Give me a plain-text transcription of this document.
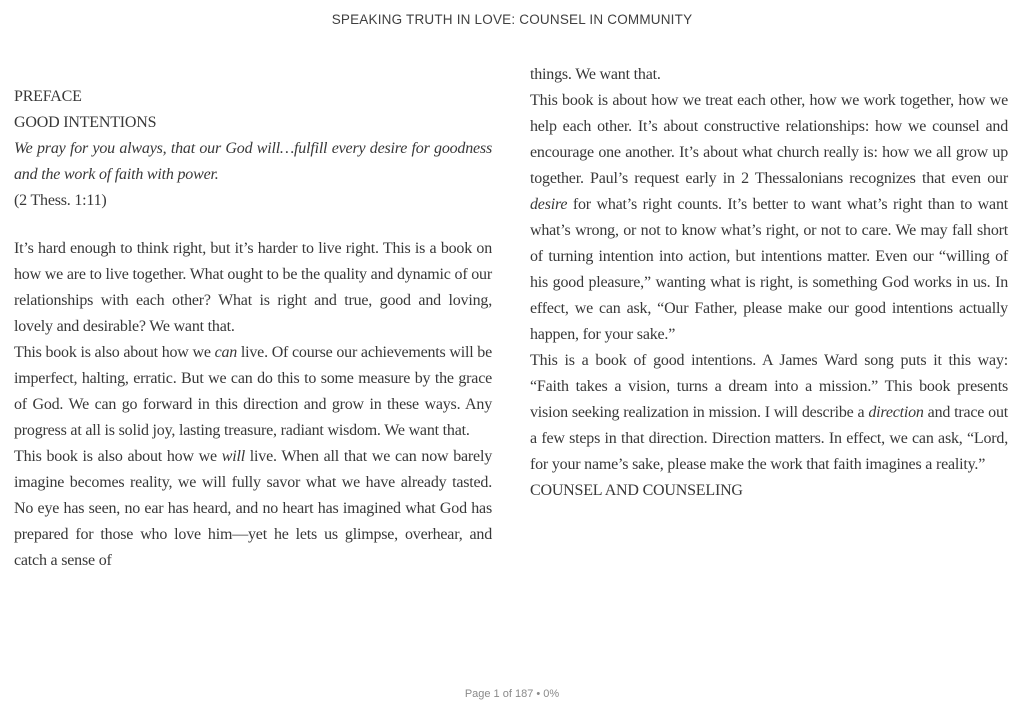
SPEAKING TRUTH IN LOVE: COUNSEL IN COMMUNITY

PREFACE

GOOD INTENTIONS

We pray for you always, that our God will…fulfill every desire for goodness and the work of faith with power.

(2 Thess. 1:11)

It’s hard enough to think right, but it’s harder to live right. This is a book on how we are to live together. What ought to be the quality and dynamic of our relationships with each other? What is right and true, good and loving, lovely and desirable? We want that.

This book is also about how we can live. Of course our achievements will be imperfect, halting, erratic. But we can do this to some measure by the grace of God. We can go forward in this direction and grow in these ways. Any progress at all is solid joy, lasting treasure, radiant wisdom. We want that.

This book is also about how we will live. When all that we can now barely imagine becomes reality, we will fully savor what we have already tasted. No eye has seen, no ear has heard, and no heart has imagined what God has prepared for those who love him—yet he lets us glimpse, overhear, and catch a sense of

things. We want that.

This book is about how we treat each other, how we work together, how we help each other. It’s about constructive relationships: how we counsel and encourage one another. It’s about what church really is: how we all grow up together. Paul’s request early in 2 Thessalonians recognizes that even our desire for what’s right counts. It’s better to want what’s right than to want what’s wrong, or not to know what’s right, or not to care. We may fall short of turning intention into action, but intentions matter. Even our “willing of his good pleasure,” wanting what is right, is something God works in us. In effect, we can ask, “Our Father, please make our good intentions actually happen, for your sake.”

This is a book of good intentions. A James Ward song puts it this way: “Faith takes a vision, turns a dream into a mission.” This book presents vision seeking realization in mission. I will describe a direction and trace out a few steps in that direction. Direction matters. In effect, we can ask, “Lord, for your name’s sake, please make the work that faith imagines a reality.”

COUNSEL AND COUNSELING

Page 1 of 187 • 0%
